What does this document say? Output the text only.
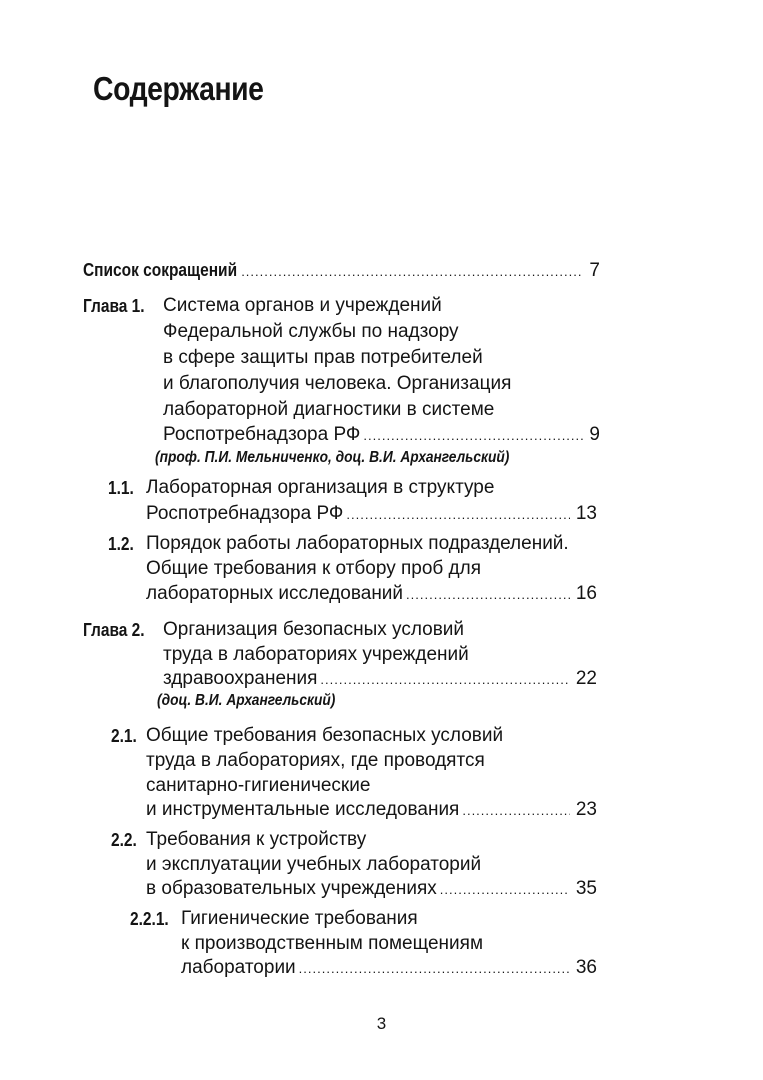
Содержание
Список сокращений .....	7
Глава 1. Система органов и учреждений
Федеральной службы по надзору
в сфере защиты прав потребителей
и благополучия человека. Организация
лабораторной диагностики в системе
Роспотребнадзора РФ .....	9
(проф. П.И. Мельниченко, доц. В.И. Архангельский)
1.1. Лабораторная организация в структуре
Роспотребнадзора РФ .....	13
1.2. Порядок работы лабораторных подразделений.
Общие требования к отбору проб для
лабораторных исследований .....	16
Глава 2. Организация безопасных условий
труда в лабораториях учреждений
здравоохранения .....	22
(доц. В.И. Архангельский)
2.1. Общие требования безопасных условий
труда в лабораториях, где проводятся
санитарно-гигиенические
и инструментальные исследования .....	23
2.2. Требования к устройству
и эксплуатации учебных лабораторий
в образовательных учреждениях .....	35
2.2.1. Гигиенические требования
к производственным помещениям
лаборатории .....	36
3
